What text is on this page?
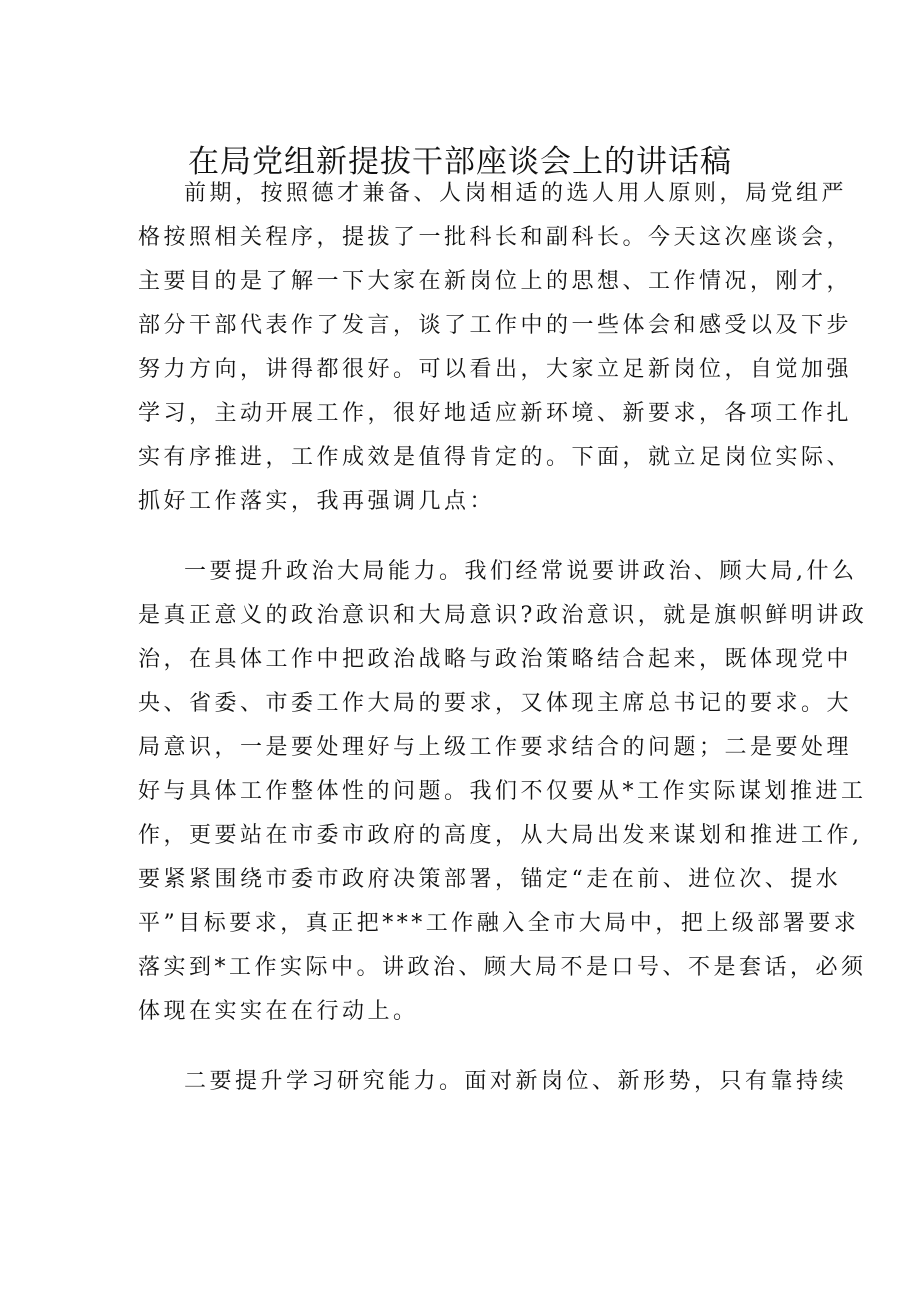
在局党组新提拔干部座谈会上的讲话稿

前期，按照德才兼备、人岗相适的选人用人原则，局党组严

格按照相关程序，提拔了一批科长和副科长。今天这次座谈会，

主要目的是了解一下大家在新岗位上的思想、工作情况，刚才，

部分干部代表作了发言，谈了工作中的一些体会和感受以及下步

努力方向，讲得都很好。可以看出，大家立足新岗位，自觉加强

学习，主动开展工作，很好地适应新环境、新要求，各项工作扎

实有序推进，工作成效是值得肯定的。下面，就立足岗位实际、

抓好工作落实，我再强调几点：

一要提升政治大局能力。我们经常说要讲政治、顾大局,什么

是真正意义的政治意识和大局意识?政治意识，就是旗帜鲜明讲政

治，在具体工作中把政治战略与政治策略结合起来，既体现党中

央、省委、市委工作大局的要求，又体现主席总书记的要求。大

局意识，一是要处理好与上级工作要求结合的问题；二是要处理

好与具体工作整体性的问题。我们不仅要从*工作实际谋划推进工

作，更要站在市委市政府的高度，从大局出发来谋划和推进工作,

要紧紧围绕市委市政府决策部署，锚定“走在前、进位次、提水

平”目标要求，真正把***工作融入全市大局中，把上级部署要求

落实到*工作实际中。讲政治、顾大局不是口号、不是套话，必须

体现在实实在在行动上。

二要提升学习研究能力。面对新岗位、新形势，只有靠持续
